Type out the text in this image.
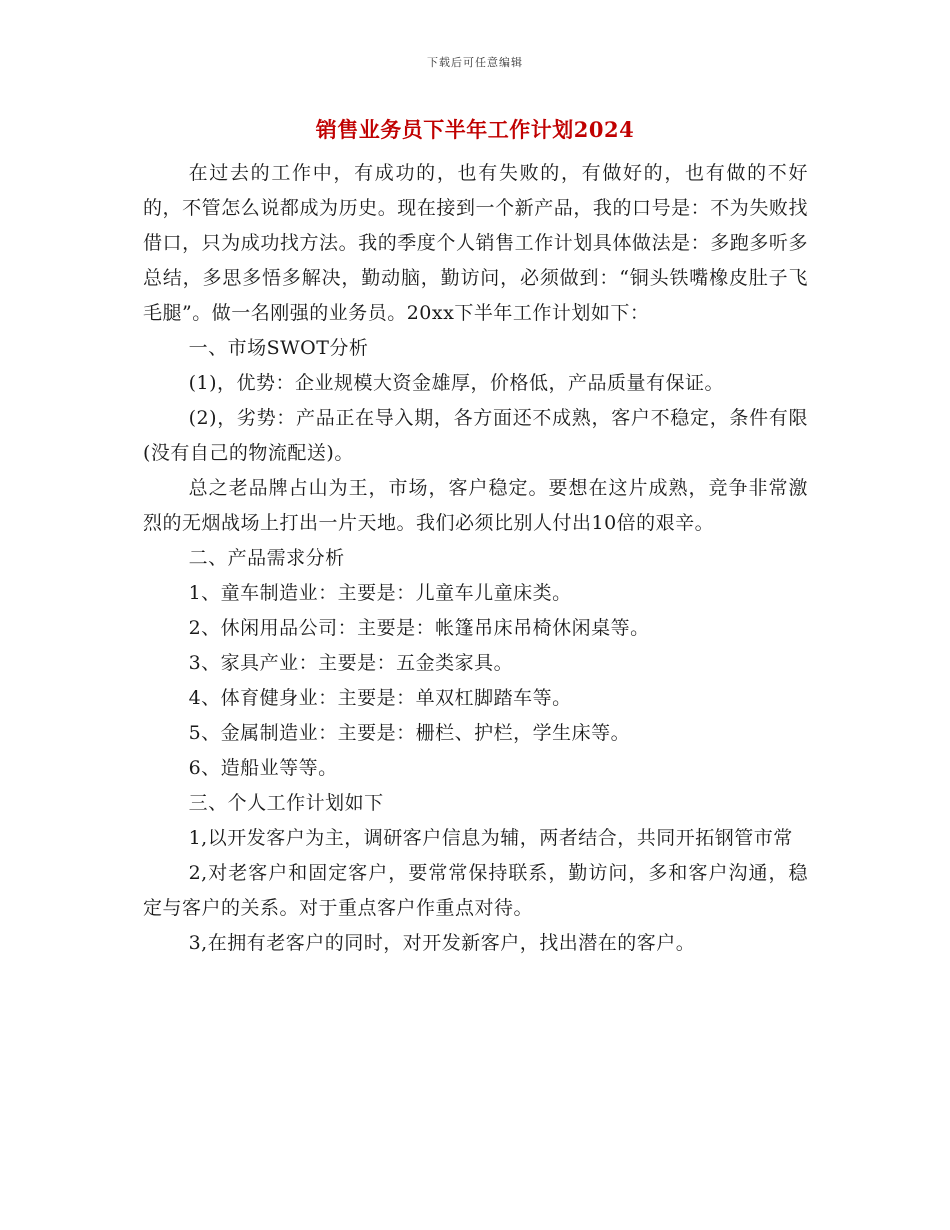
下载后可任意编辑
销售业务员下半年工作计划2024

在过去的工作中，有成功的，也有失败的，有做好的，也有做的不好的，不管怎么说都成为历史。现在接到一个新产品，我的口号是：不为失败找借口，只为成功找方法。我的季度个人销售工作计划具体做法是：多跑多听多总结，多思多悟多解决，勤动脑，勤访问，必须做到：“铜头铁嘴橡皮肚子飞毛腿”。做一名刚强的业务员。20xx下半年工作计划如下：

一、市场SWOT分析

(1)，优势：企业规模大资金雄厚，价格低，产品质量有保证。

(2)，劣势：产品正在导入期，各方面还不成熟，客户不稳定，条件有限(没有自己的物流配送)。

总之老品牌占山为王，市场，客户稳定。要想在这片成熟，竞争非常激烈的无烟战场上打出一片天地。我们必须比别人付出10倍的艰辛。

二、产品需求分析

1、童车制造业：主要是：儿童车儿童床类。

2、休闲用品公司：主要是：帐篷吊床吊椅休闲桌等。

3、家具产业：主要是：五金类家具。

4、体育健身业：主要是：单双杠脚踏车等。

5、金属制造业：主要是：栅栏、护栏，学生床等。

6、造船业等等。

三、个人工作计划如下

1,以开发客户为主，调研客户信息为辅，两者结合，共同开拓钢管市常

2,对老客户和固定客户，要常常保持联系，勤访问，多和客户沟通，稳定与客户的关系。对于重点客户作重点对待。

3,在拥有老客户的同时，对开发新客户，找出潜在的客户。
